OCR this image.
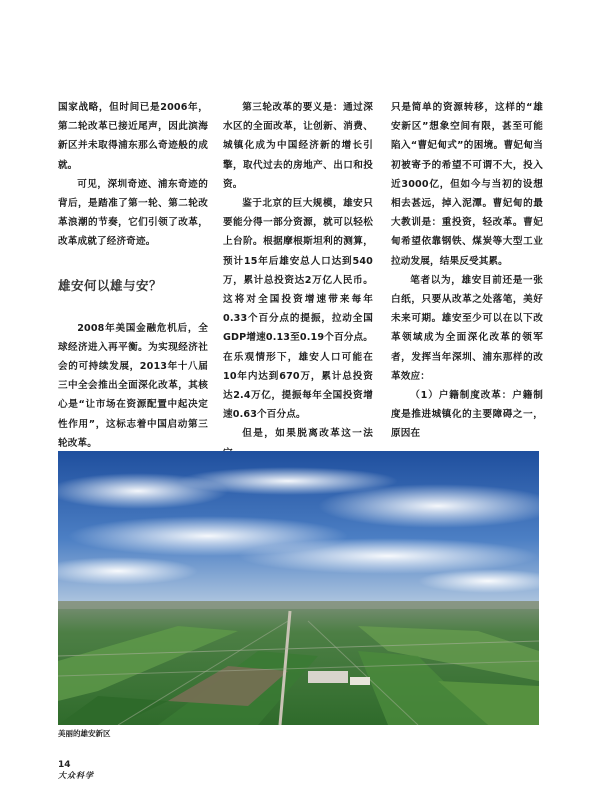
国家战略，但时间已是2006年，第二轮改革已接近尾声，因此滨海新区并未取得浦东那么奇迹般的成就。

可见，深圳奇迹、浦东奇迹的背后，是踏准了第一轮、第二轮改革浪潮的节奏，它们引领了改革，改革成就了经济奇迹。

雄安何以雄与安？

2008年美国金融危机后，全球经济进入再平衡。为实现经济社会的可持续发展，2013年十八届三中全会推出全面深化改革，其核心是“让市场在资源配置中起决定性作用”，这标志着中国启动第三轮改革。

第三轮改革的要义是：通过深水区的全面改革，让创新、消费、城镇化成为中国经济新的增长引擎，取代过去的房地产、出口和投资。

鉴于北京的巨大规模，雄安只要能分得一部分资源，就可以轻松上台阶。根据摩根斯坦利的测算，预计15年后雄安总人口达到540万，累计总投资达2万亿人民币。这将对全国投资增速带来每年0.33个百分点的提振，拉动全国GDP增速0.13至0.19个百分点。在乐观情形下，雄安人口可能在10年内达到670万，累计总投资达2.4万亿，提振每年全国投资增速0.63个百分点。

但是，如果脱离改革这一法

只是简单的资源转移，这样的“雄安新区”想象空间有限，甚至可能陷入“曹妃甸式”的困境。曹妃甸当初被寄予的希望不可谓不大，投入近3000亿，但如今与当初的设想相去甚远，掉入泥潭。曹妃甸的最大教训是：重投资，轻改革。曹妃甸希望依靠钢铁、煤炭等大型工业拉动发展，结果反受其累。

笔者以为，雄安目前还是一张白纸，只要从改革之处落笔，美好未来可期。雄安至少可以在以下改革领域成为全面深化改革的领军者，发挥当年深圳、浦东那样的改革效应：

（1）户籍制度改革：户籍制度是推进城镇化的主要障碍之一，原因在

美丽的雄安新区
14
大众科学
